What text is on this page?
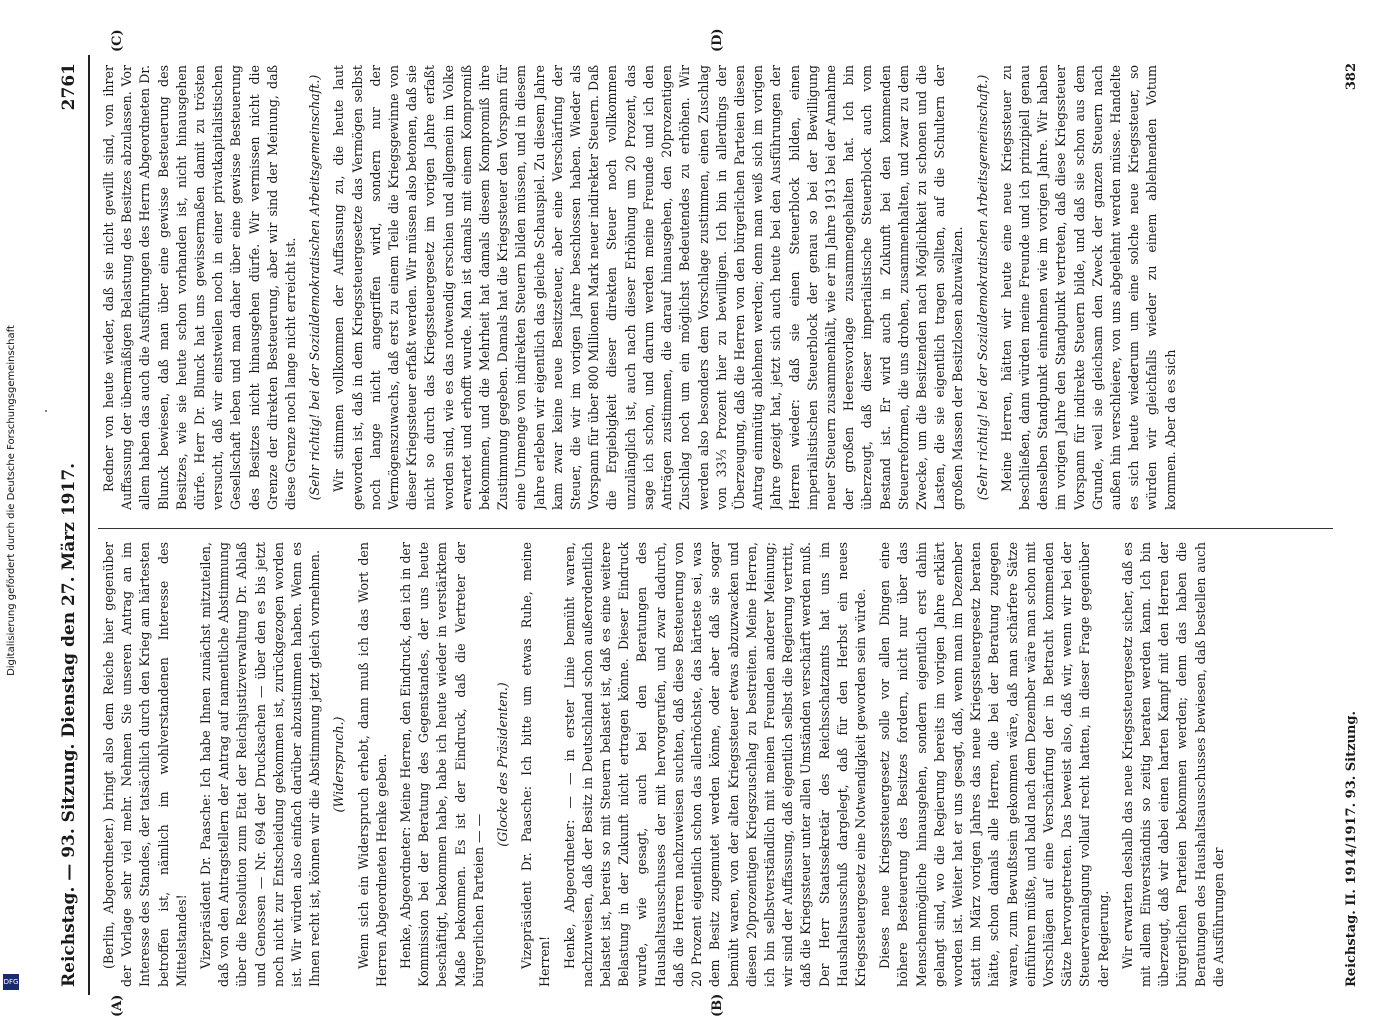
Digitalisierung gefördert durch die Deutsche Forschungsgemeinschaft
DFG Reichstag. — 93. Sitzung. Dienstag den 27. März 1917.
2761
(A)	(B)
(C)	(D)

(Berlin, Abgeordneter.) bringt also dem Reiche hier gegenüber der Vorlage sehr viel mehr. Nehmen Sie unseren Antrag an im Interesse des Standes, der tatsächlich durch den Krieg am härtesten betroffen ist, nämlich im wohlverstandenen Interesse des Mittelstandes! Vizepräsident Dr. Paasche: Ich habe Ihnen zunächst mitzuteilen, daß von den Antragstellern der Antrag auf namentliche Abstimmung über die Resolution zum Etat der Reichsjustizverwaltung Dr. Ablaß und Genossen — Nr. 694 der Drucksachen — über den es bis jetzt noch nicht zur Entscheidung gekommen ist, zurückgezogen worden ist. Wir würden also einfach darüber abzustimmen haben. Wenn es Ihnen recht ist, können wir die Abstimmung jetzt gleich vornehmen. (Widerspruch.) Wenn sich ein Widerspruch erhebt, dann muß ich das Wort den Herren Abgeordneten Henke geben. Henke, Abgeordneter: Meine Herren, den Eindruck, den ich in der Kommission bei der Beratung des Gegenstandes, der uns heute beschäftigt, bekommen habe, habe ich heute wieder in verstärktem Maße bekommen. Es ist der Eindruck, daß die Vertreter der bürgerlichen Parteien — —

(Glocke des Präsidenten.) Vizepräsident Dr. Paasche: Ich bitte um etwas Ruhe, meine Herren! Henke, Abgeordneter: — — in erster Linie bemüht waren, nachzuweisen, daß der Besitz in Deutschland schon außerordentlich belastet ist, bereits so mit Steuern belastet ist, daß es eine weitere Belastung in der Zukunft nicht ertragen könne. Dieser Eindruck wurde, wie gesagt, auch bei den Beratungen des Haushaltsausschusses der mit hervorgerufen, und zwar dadurch, daß die Herren nachzuweisen suchten, daß diese Besteuerung von 20 Prozent eigentlich schon das allerhöchste, das härteste sei, was dem Besitz zugemutet werden könne, oder aber daß sie sogar bemüht waren, von der alten Kriegssteuer etwas abzuzwacken und diesen 20prozentigen Kriegszuschlag zu bestreiten. Meine Herren, ich bin selbstverständlich mit meinen Freunden anderer Meinung; wir sind der Auffassung, daß eigentlich selbst die Regierung vertritt, daß die Kriegssteuer unter allen Umständen verschärft werden muß. Der Herr Staatssekretär des Reichsschatzamts hat uns im Haushaltsausschuß dargelegt, daß für den Herbst ein neues Kriegssteuergesetz eine Notwendigkeit geworden sein würde. Dieses neue Kriegssteuergesetz solle vor allen Dingen eine höhere Besteuerung des Besitzes fordern, nicht nur über das Menschenmögliche hinausgehen, sondern eigentlich erst dahin gelangt sind, wo die Regierung bereits im vorigen Jahre erklärt worden ist. Weiter hat er uns gesagt, daß, wenn man im Dezember statt im März vorigen Jahres das neue Kriegssteuergesetz beraten hätte, schon damals alle Herren, die bei der Beratung zugegen waren, zum Bewußtsein gekommen wäre, daß man schärfere Sätze einführen müßte, und bald nach dem Dezember wäre man schon mit Vorschlägen auf eine Verschärfung der in Betracht kommenden Sätze hervorgetreten. Das beweist also, daß wir, wenn wir bei der Steuerveranlagung vollauf recht hatten, in dieser Frage gegenüber der Regierung. Wir erwarten deshalb das neue Kriegssteuergesetz sicher, daß es mit allem Einverständnis so zeitig beraten werden kann. Ich bin überzeugt, daß wir dabei einen harten Kampf mit den Herren der bürgerlichen Parteien bekommen werden; denn das haben die Beratungen des Haushaltsausschusses bewiesen, daß bestellen auch die Ausführungen der

Redner von heute wieder, daß sie nicht gewillt sind, von ihrer Auffassung der übermäßigen Belastung des Besitzes abzulassen. Vor allem haben das auch die Ausführungen des Herrn Abgeordneten Dr. Blunck bewiesen, daß man über eine gewisse Besteuerung des Besitzes, wie sie heute schon vorhanden ist, nicht hinausgehen dürfe. Herr Dr. Blunck hat uns gewissermaßen damit zu trösten versucht, daß wir einstweilen noch in einer privatkapitalistischen Gesellschaft leben und man daher über eine gewisse Besteuerung des Besitzes nicht hinausgehen dürfe. Wir vermissen nicht die Grenze der direkten Besteuerung, aber wir sind der Meinung, daß diese Grenze noch lange nicht erreicht ist. (Sehr richtig! bei der Sozialdemokratischen Arbeitsgemeinschaft.) Wir stimmen vollkommen der Auffassung zu, die heute laut geworden ist, daß in dem Kriegssteuergesetze das Vermögen selbst noch lange nicht angegriffen wird, sondern nur der Vermögenszuwachs, daß erst zu einem Teile die Kriegsgewinne von dieser Kriegssteuer erfaßt werden. Wir müssen also betonen, daß sie nicht so durch das Kriegssteuergesetz im vorigen Jahre erfaßt worden sind, wie es das notwendig erschien und allgemein im Volke erwartet und erhofft wurde. Man ist damals mit einem Kompromiß bekommen, und die Mehrheit hat damals diesem Kompromiß ihre Zustimmung gegeben. Damals hat die Kriegssteuer den Vorspann für eine Unmenge von indirekten Steuern bilden müssen, und in diesem Jahre erleben wir eigentlich das gleiche Schauspiel. Zu diesem Jahre kam zwar keine neue Besitzsteuer, aber eine Verschärfung der Steuer, die wir im vorigen Jahre beschlossen haben. Wieder als Vorspann für über 800 Millionen Mark neuer indirekter Steuern. Daß die Ergiebigkeit dieser direkten Steuer noch vollkommen unzulänglich ist, auch nach dieser Erhöhung um 20 Prozent, das sage ich schon, und darum werden meine Freunde und ich den Anträgen zustimmen, die darauf hinausgehen, den 20prozentigen Zuschlag noch um ein möglichst Bedeutendes zu erhöhen. Wir werden also besonders dem Vorschlage zustimmen, einen Zuschlag von 33⅓ Prozent hier zu bewilligen. Ich bin in allerdings der Überzeugung, daß die Herren von den bürgerlichen Parteien diesen Antrag einmütig ablehnen werden; denn man weiß sich im vorigen Jahre gezeigt hat, jetzt sich auch heute bei den Ausführungen der Herren wieder: daß sie einen Steuerblock bilden, einen imperialistischen Steuerblock der genau so bei der Bewilligung neuer Steuern zusammenhält, wie er im Jahre 1913 bei der Annahme der großen Heeresvorlage zusammengehalten hat. Ich bin überzeugt, daß dieser imperialistische Steuerblock auch vom Bestand ist. Er wird auch in Zukunft bei den kommenden Steuerreformen, die uns drohen, zusammenhalten, und zwar zu dem Zwecke, um die Besitzenden nach Möglichkeit zu schonen und die Lasten, die sie eigentlich tragen sollten, auf die Schultern der großen Massen der Besitzlosen abzuwälzen. (Sehr richtig! bei der Sozialdemokratischen Arbeitsgemeinschaft.) Meine Herren, hätten wir heute eine neue Kriegssteuer zu beschließen, dann würden meine Freunde und ich prinzipiell genau denselben Standpunkt einnehmen wie im vorigen Jahre. Wir haben im vorigen Jahre den Standpunkt vertreten, daß diese Kriegssteuer Vorspann für indirekte Steuern bilde, und daß sie schon aus dem Grunde, weil sie gleichsam den Zweck der ganzen Steuern nach außen hin verschleiere, von uns abgelehnt werden müsse. Handelte es sich heute wiederum um eine solche neue Kriegssteuer, so würden wir gleichfalls wieder zu einem ablehnenden Votum kommen. Aber da es sich

Reichstag. II. 1914/1917. 93. Sitzung.
382
